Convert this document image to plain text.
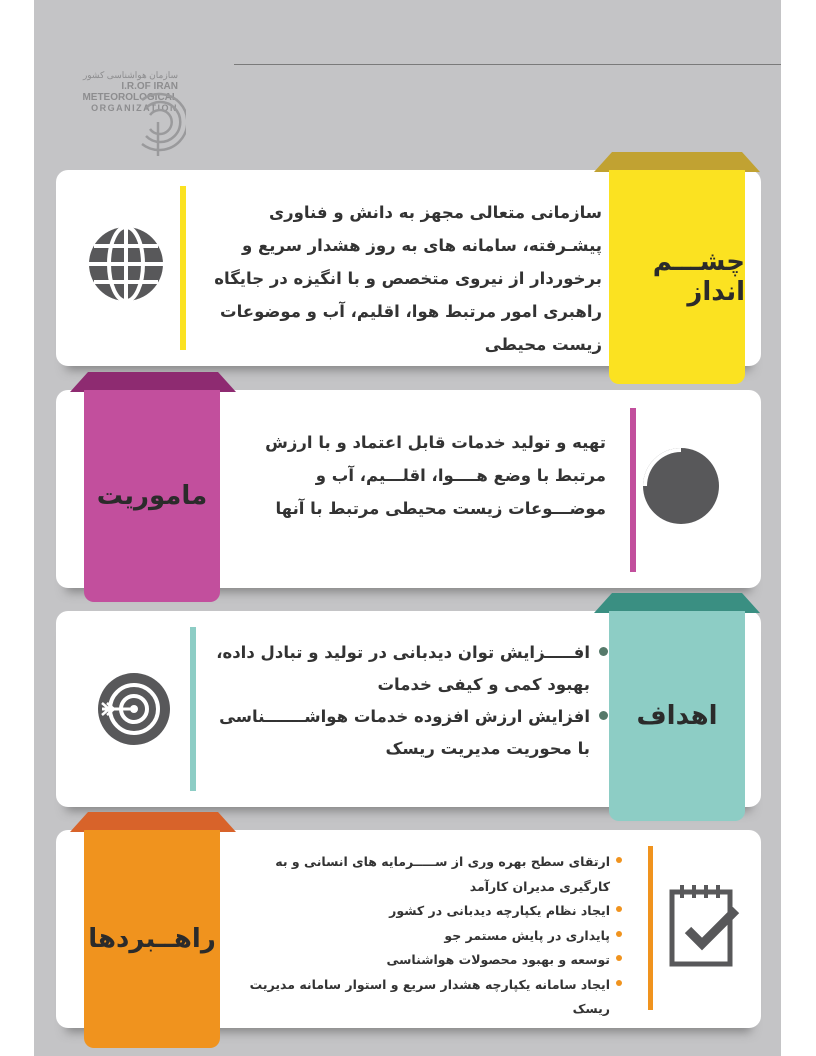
سازمان هواشناسی کشور
I.R.OF IRAN
METEOROLOGICAL
ORGANIZATION
سازمانی متعالی مجهز به دانش و فناوری پیشـرفته، سامانه های به روز هشدار سریع و برخوردار از نیروی متخصص و با انگیزه در جایگاه راهبری امور مرتبط هوا، اقلیم، آب و موضوعات زیست محیطی
چشـــم انداز
تهیه و تولید خدمات قابل اعتماد و با ارزش مرتبط با وضع هــــوا، اقلـــیم، آب و موضـــوعات زیست محیطی مرتبط با آنها
ماموریت
افـــــزایش توان دیدبانی در تولید و تبادل داده، بهبود کمی و کیفی خدمات
افزایش ارزش افزوده خدمات هواشـــــــناسی با محوریت مدیریت ریسک
اهداف
ارتقای سطح بهره وری از ســـــرمایه های انسانی و به کارگیری مدیران کارآمد
ایجاد نظام یکپارچه دیدبانی در کشور
پایداری در پایش مستمر جو
توسعه و بهبود محصولات هواشناسی
ایجاد سامانه یکپارچه هشدار سریع و استوار سامانه مدیریت ریسک
راهــبردها
